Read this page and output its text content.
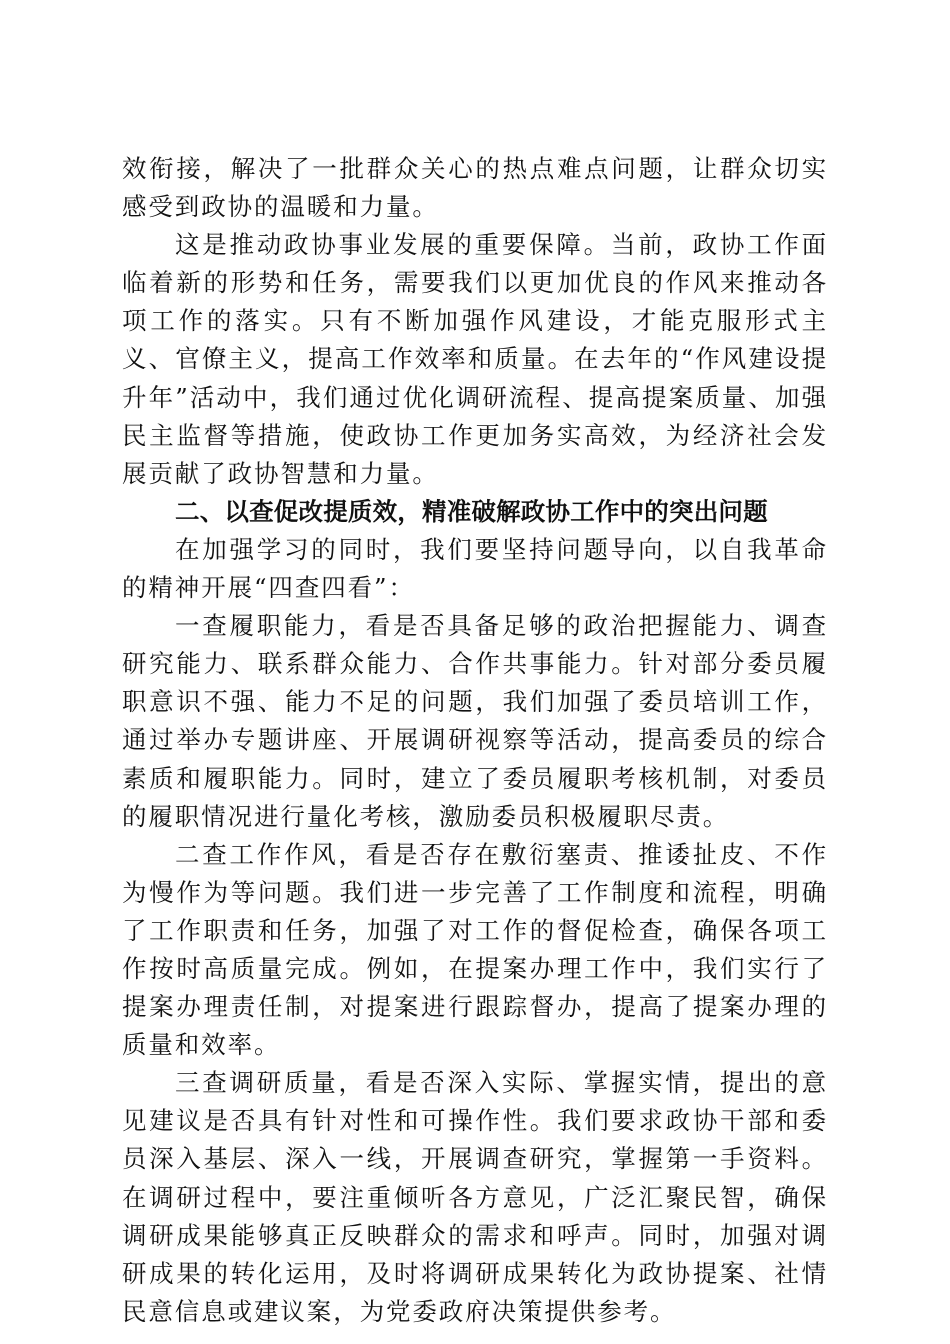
效衔接，解决了一批群众关心的热点难点问题，让群众切实感受到政协的温暖和力量。

这是推动政协事业发展的重要保障。当前，政协工作面临着新的形势和任务，需要我们以更加优良的作风来推动各项工作的落实。只有不断加强作风建设，才能克服形式主义、官僚主义，提高工作效率和质量。在去年的“作风建设提升年”活动中，我们通过优化调研流程、提高提案质量、加强民主监督等措施，使政协工作更加务实高效，为经济社会发展贡献了政协智慧和力量。

二、以查促改提质效，精准破解政协工作中的突出问题

在加强学习的同时，我们要坚持问题导向，以自我革命的精神开展“四查四看”：

一查履职能力，看是否具备足够的政治把握能力、调查研究能力、联系群众能力、合作共事能力。针对部分委员履职意识不强、能力不足的问题，我们加强了委员培训工作，通过举办专题讲座、开展调研视察等活动，提高委员的综合素质和履职能力。同时，建立了委员履职考核机制，对委员的履职情况进行量化考核，激励委员积极履职尽责。

二查工作作风，看是否存在敷衍塞责、推诿扯皮、不作为慢作为等问题。我们进一步完善了工作制度和流程，明确了工作职责和任务，加强了对工作的督促检查，确保各项工作按时高质量完成。例如，在提案办理工作中，我们实行了提案办理责任制，对提案进行跟踪督办，提高了提案办理的质量和效率。

三查调研质量，看是否深入实际、掌握实情，提出的意见建议是否具有针对性和可操作性。我们要求政协干部和委员深入基层、深入一线，开展调查研究，掌握第一手资料。在调研过程中，要注重倾听各方意见，广泛汇聚民智，确保调研成果能够真正反映群众的需求和呼声。同时，加强对调研成果的转化运用，及时将调研成果转化为政协提案、社情民意信息或建议案，为党委政府决策提供参考。
